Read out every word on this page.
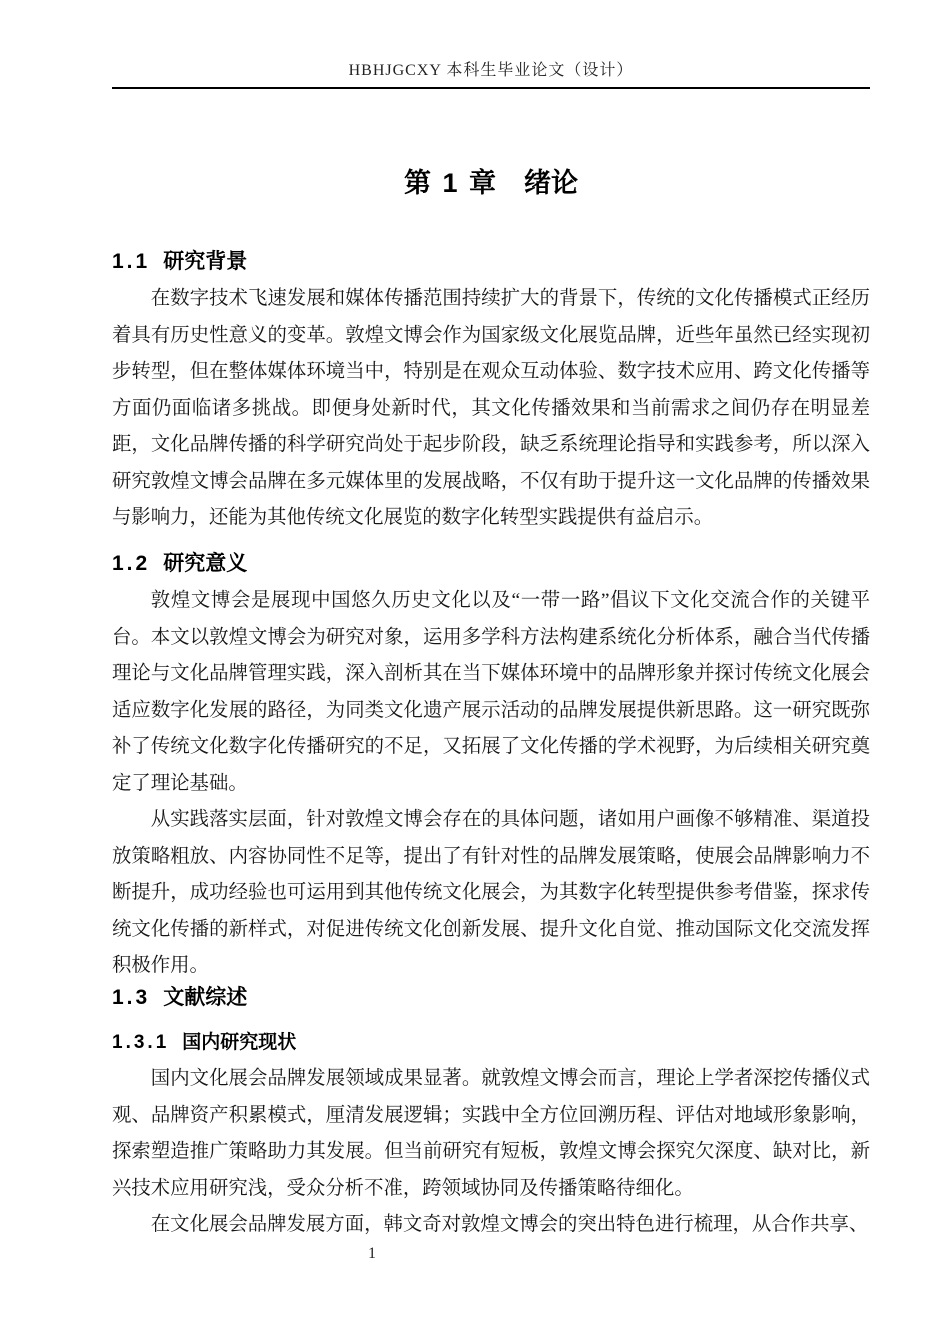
HBHJGCXY 本科生毕业论文（设计）
第 1 章 绪论
1.1 研究背景

在数字技术飞速发展和媒体传播范围持续扩大的背景下，传统的文化传播模式正经历着具有历史性意义的变革。敦煌文博会作为国家级文化展览品牌，近些年虽然已经实现初步转型，但在整体媒体环境当中，特别是在观众互动体验、数字技术应用、跨文化传播等方面仍面临诸多挑战。即便身处新时代，其文化传播效果和当前需求之间仍存在明显差距，文化品牌传播的科学研究尚处于起步阶段，缺乏系统理论指导和实践参考，所以深入研究敦煌文博会品牌在多元媒体里的发展战略，不仅有助于提升这一文化品牌的传播效果与影响力，还能为其他传统文化展览的数字化转型实践提供有益启示。

1.2 研究意义

敦煌文博会是展现中国悠久历史文化以及“一带一路”倡议下文化交流合作的关键平台。本文以敦煌文博会为研究对象，运用多学科方法构建系统化分析体系，融合当代传播理论与文化品牌管理实践，深入剖析其在当下媒体环境中的品牌形象并探讨传统文化展会适应数字化发展的路径，为同类文化遗产展示活动的品牌发展提供新思路。这一研究既弥补了传统文化数字化传播研究的不足，又拓展了文化传播的学术视野，为后续相关研究奠定了理论基础。

从实践落实层面，针对敦煌文博会存在的具体问题，诸如用户画像不够精准、渠道投放策略粗放、内容协同性不足等，提出了有针对性的品牌发展策略，使展会品牌影响力不断提升，成功经验也可运用到其他传统文化展会，为其数字化转型提供参考借鉴，探求传统文化传播的新样式，对促进传统文化创新发展、提升文化自觉、推动国际文化交流发挥积极作用。

1.3 文献综述
1.3.1 国内研究现状

国内文化展会品牌发展领域成果显著。就敦煌文博会而言，理论上学者深挖传播仪式观、品牌资产积累模式，厘清发展逻辑；实践中全方位回溯历程、评估对地域形象影响，探索塑造推广策略助力其发展。但当前研究有短板，敦煌文博会探究欠深度、缺对比，新兴技术应用研究浅，受众分析不准，跨领域协同及传播策略待细化。

在文化展会品牌发展方面，韩文奇对敦煌文博会的突出特色进行梳理，从合作共享、

1
